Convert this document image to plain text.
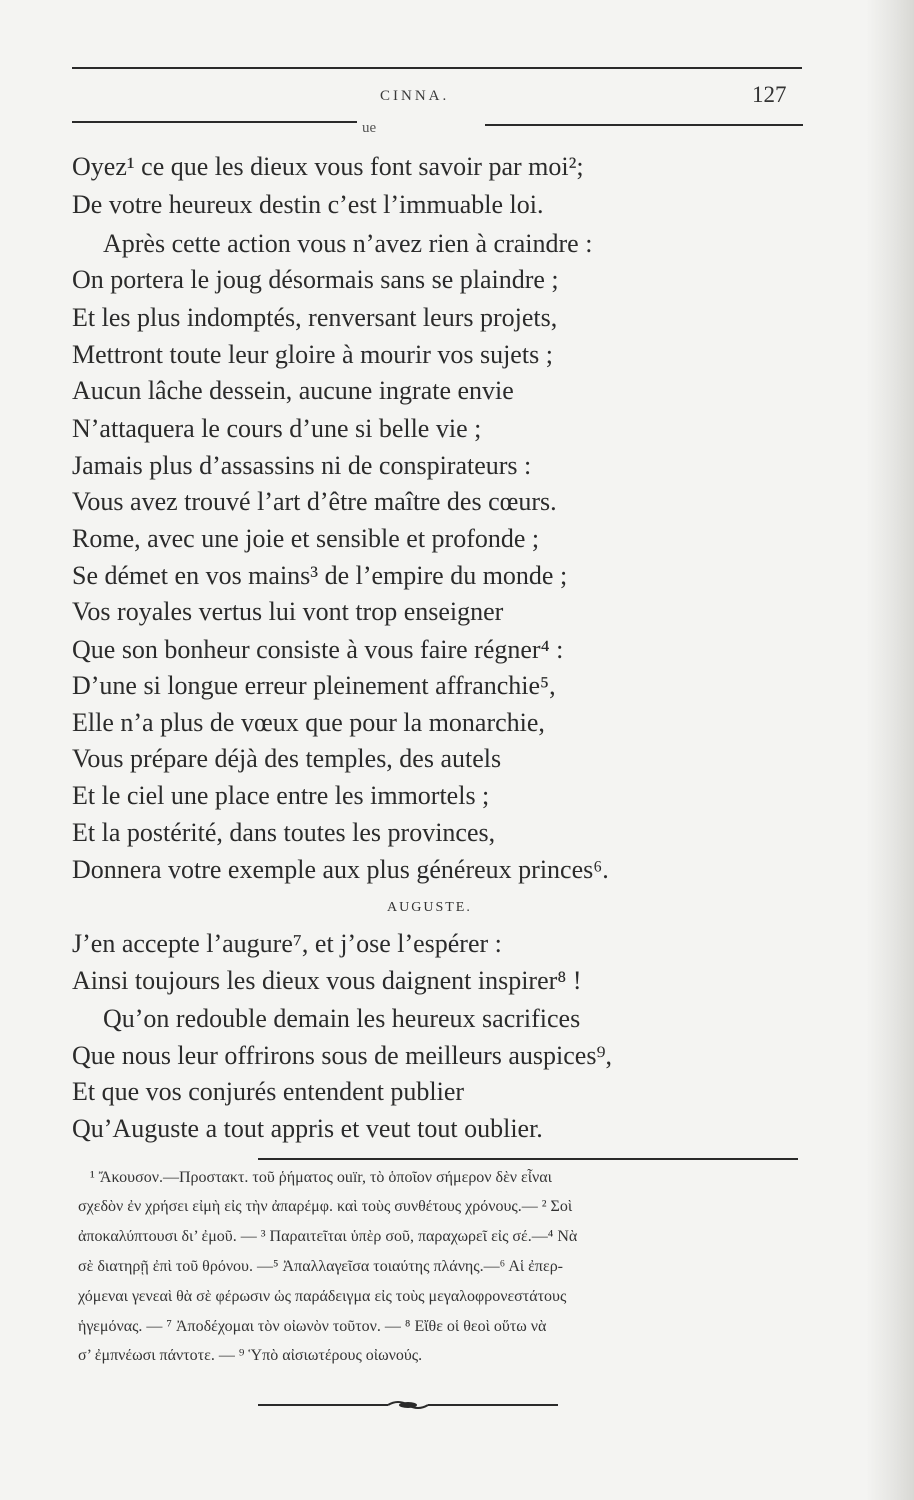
CINNA.	127
ue
Oyez¹ ce que les dieux vous font savoir par moi²;
De votre heureux destin c’est l’immuable loi.
Après cette action vous n’avez rien à craindre :
On portera le joug désormais sans se plaindre ;
Et les plus indomptés, renversant leurs projets,
Mettront toute leur gloire à mourir vos sujets ;
Aucun lâche dessein, aucune ingrate envie
N’attaquera le cours d’une si belle vie ;
Jamais plus d’assassins ni de conspirateurs :
Vous avez trouvé l’art d’être maître des cœurs.
Rome, avec une joie et sensible et profonde ;
Se démet en vos mains³ de l’empire du monde ;
Vos royales vertus lui vont trop enseigner
Que son bonheur consiste à vous faire régner⁴ :
D’une si longue erreur pleinement affranchie⁵,
Elle n’a plus de vœux que pour la monarchie,
Vous prépare déjà des temples, des autels
Et le ciel une place entre les immortels ;
Et la postérité, dans toutes les provinces,
Donnera votre exemple aux plus généreux princes⁶.
AUGUSTE.
J’en accepte l’augure⁷, et j’ose l’espérer :
Ainsi toujours les dieux vous daignent inspirer⁸ !
Qu’on redouble demain les heureux sacrifices
Que nous leur offrirons sous de meilleurs auspices⁹,
Et que vos conjurés entendent publier
Qu’Auguste a tout appris et veut tout oublier.
¹ Ἄκουσον.—Προστακτ. τοῦ ῥήματος ouïr, τὸ ὁποῖον σήμερον δὲν εἶναι
σχεδὸν ἐν χρήσει εἰμὴ εἰς τὴν ἀπαρέμφ. καὶ τοὺς συνθέτους χρόνους.— ² Σοὶ
ἀποκαλύπτουσι δι’ ἐμοῦ. — ³ Παραιτεῖται ὑπὲρ σοῦ, παραχωρεῖ εἰς σέ.—⁴ Νὰ
σὲ διατηρῇ ἐπὶ τοῦ θρόνου. —⁵ Ἀπαλλαγεῖσα τοιαύτης πλάνης.—⁶ Αἱ ἐπερ-
χόμεναι γενεαὶ θὰ σὲ φέρωσιν ὡς παράδειγμα εἰς τοὺς μεγαλοφρονεστάτους
ἡγεμόνας. — ⁷ Ἀποδέχομαι τὸν οἰωνὸν τοῦτον. — ⁸ Εἴθε οἱ θεοὶ οὕτω νὰ
σ’ ἐμπνέωσι πάντοτε. — ⁹ Ὑπὸ αἰσιωτέρους οἰωνούς.
